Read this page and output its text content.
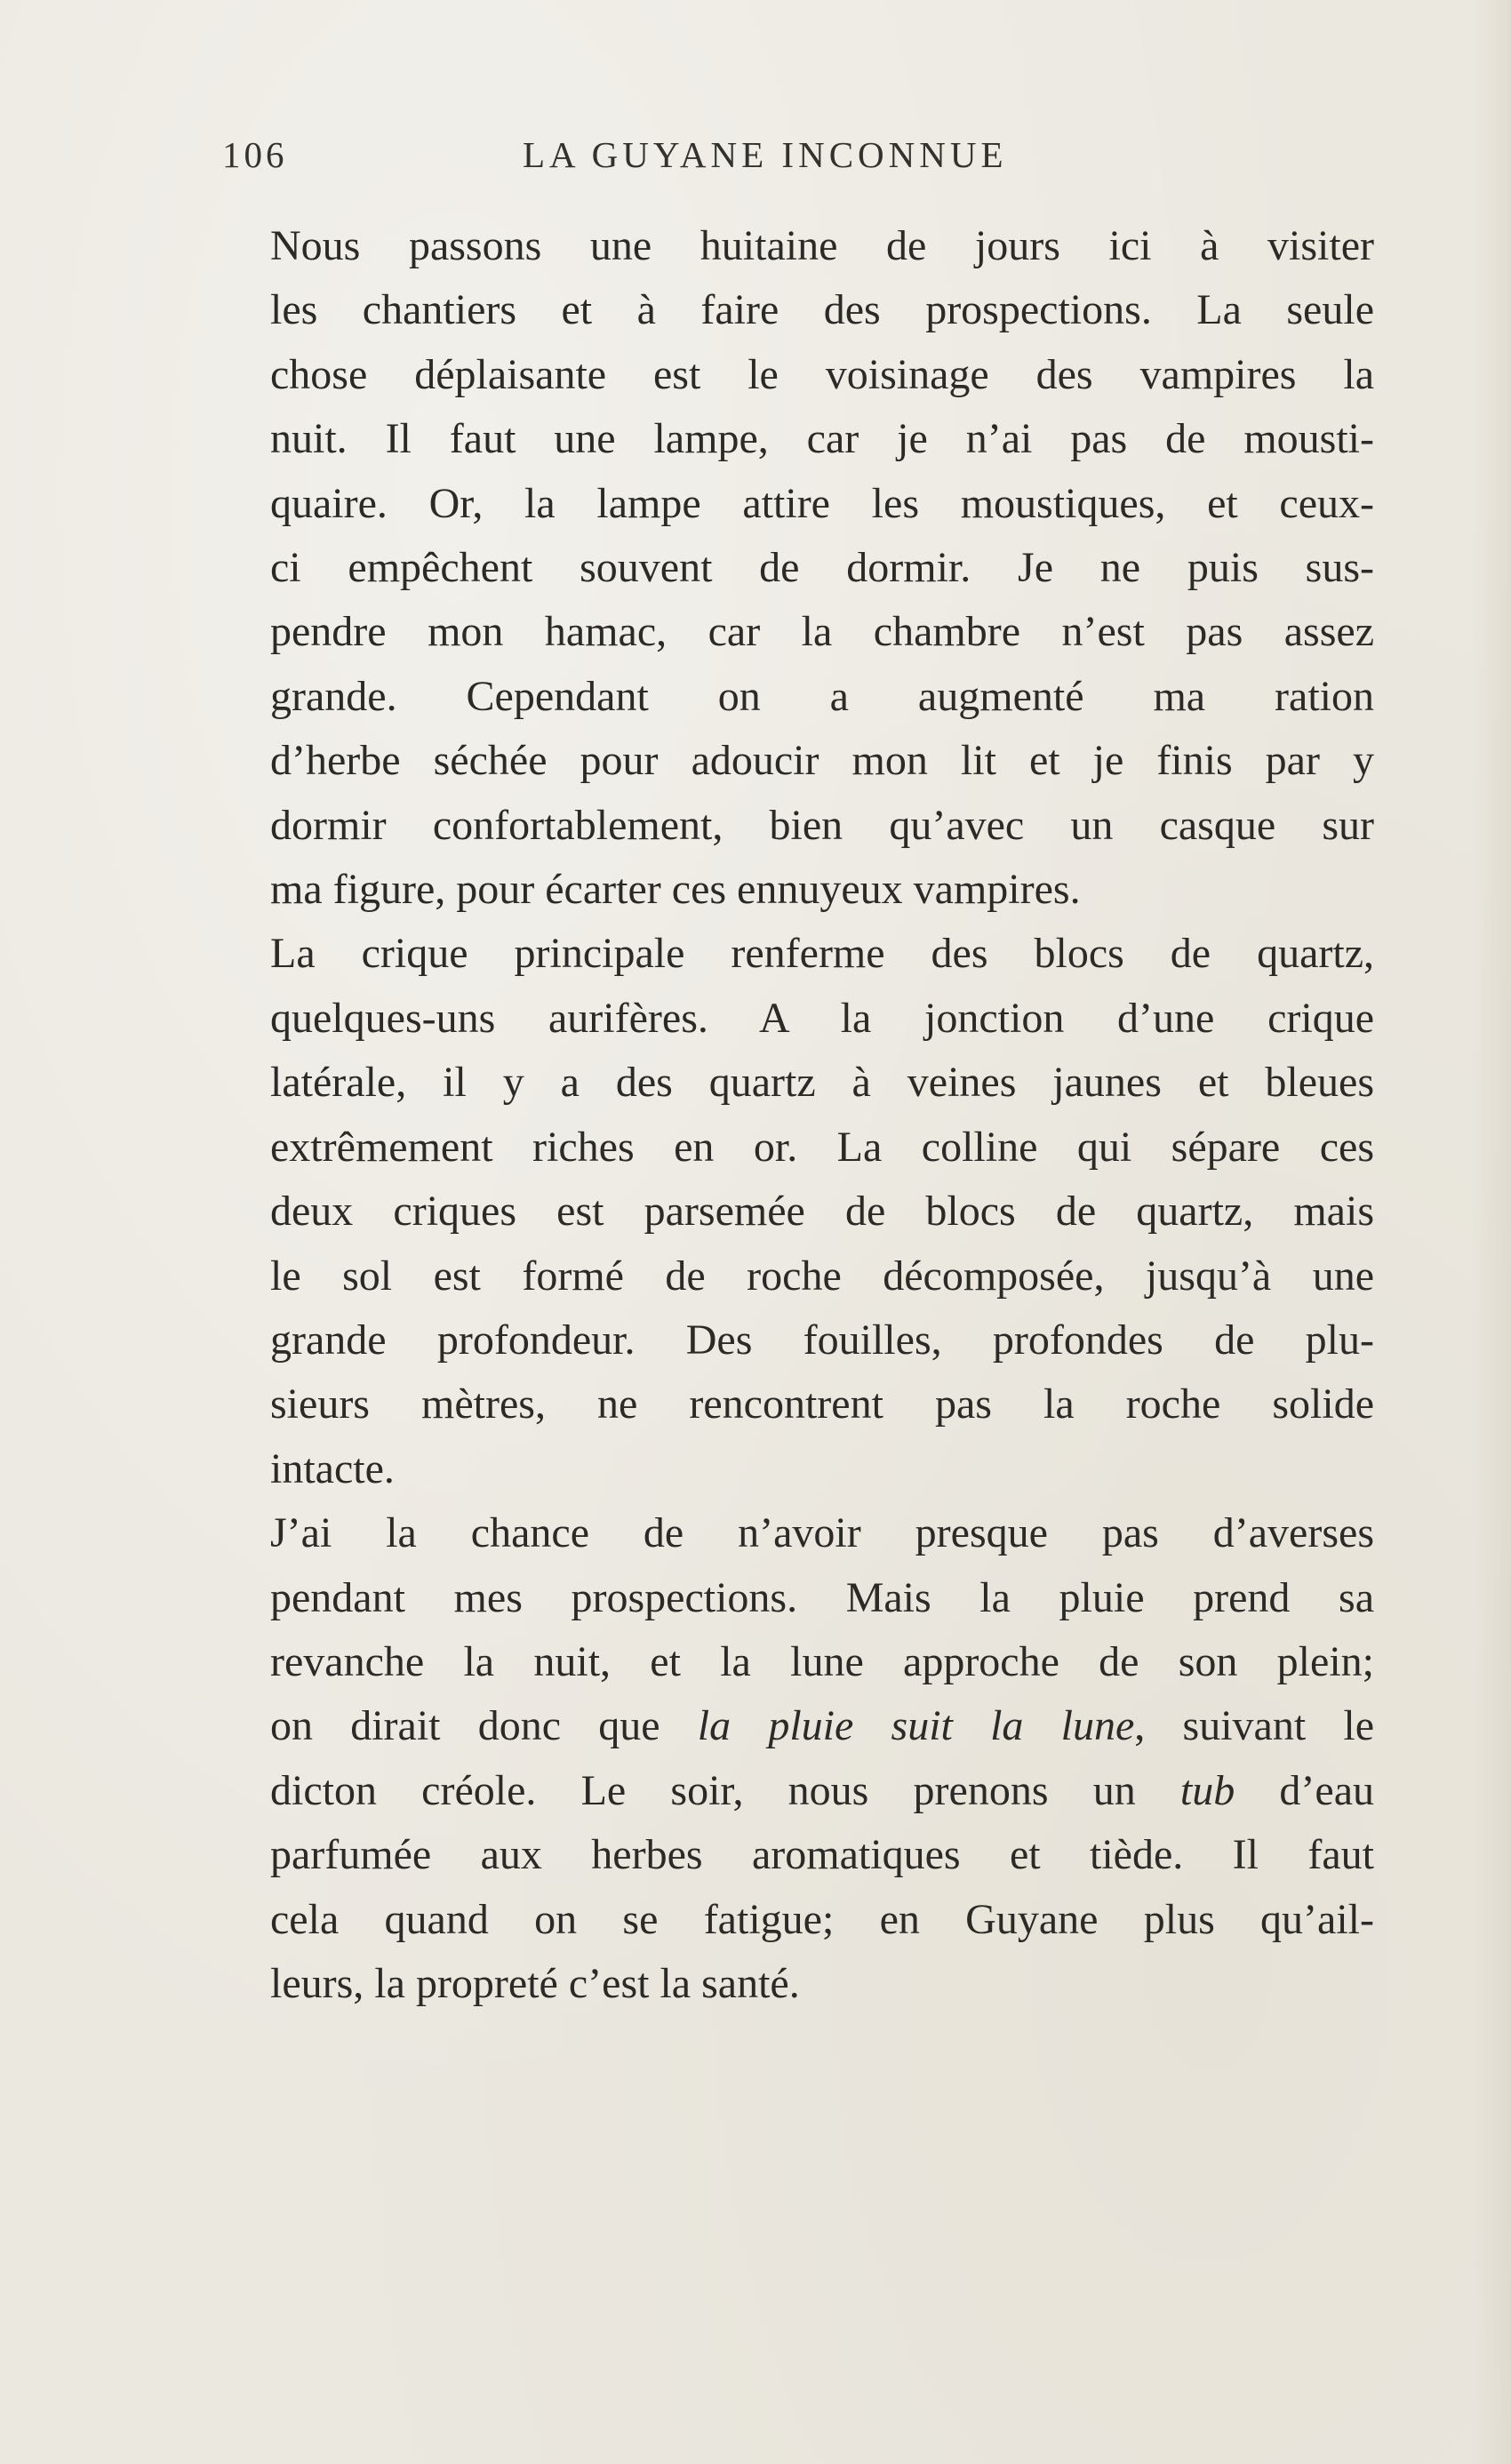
106	LA GUYANE INCONNUE

Nous passons une huitaine de jours ici à visiter
les chantiers et à faire des prospections. La seule
chose déplaisante est le voisinage des vampires la
nuit. Il faut une lampe, car je n’ai pas de mousti-
quaire. Or, la lampe attire les moustiques, et ceux-
ci empêchent souvent de dormir. Je ne puis sus-
pendre mon hamac, car la chambre n’est pas assez
grande. Cependant on a augmenté ma ration
d’herbe séchée pour adoucir mon lit et je finis par y
dormir confortablement, bien qu’avec un casque sur
ma figure, pour écarter ces ennuyeux vampires.

La crique principale renferme des blocs de quartz,
quelques-uns aurifères. A la jonction d’une crique
latérale, il y a des quartz à veines jaunes et bleues
extrêmement riches en or. La colline qui sépare ces
deux criques est parsemée de blocs de quartz, mais
le sol est formé de roche décomposée, jusqu’à une
grande profondeur. Des fouilles, profondes de plu-
sieurs mètres, ne rencontrent pas la roche solide
intacte.

J’ai la chance de n’avoir presque pas d’averses
pendant mes prospections. Mais la pluie prend sa
revanche la nuit, et la lune approche de son plein;
on dirait donc que la pluie suit la lune, suivant le
dicton créole. Le soir, nous prenons un tub d’eau
parfumée aux herbes aromatiques et tiède. Il faut
cela quand on se fatigue; en Guyane plus qu’ail-
leurs, la propreté c’est la santé.
